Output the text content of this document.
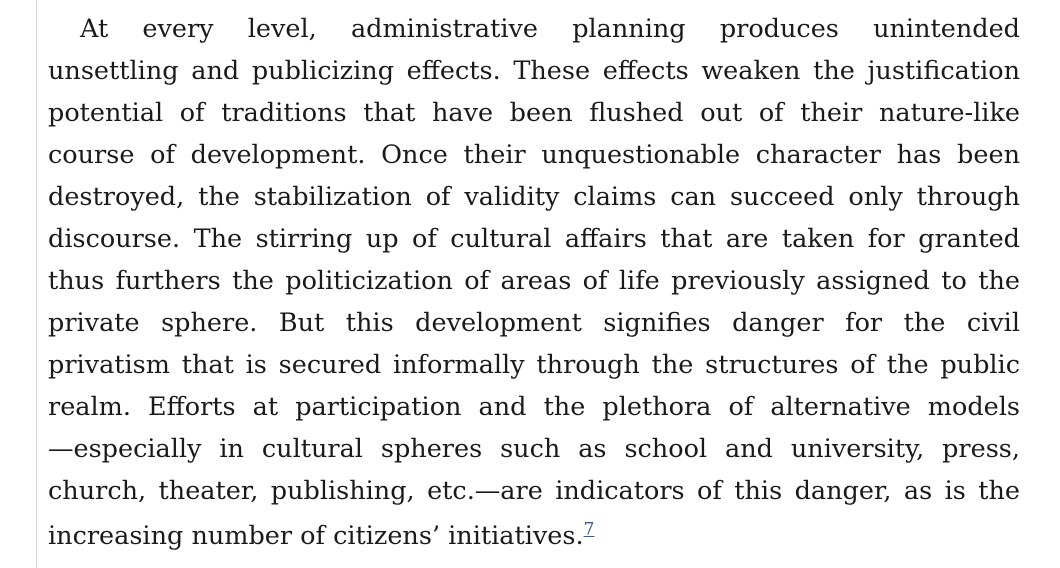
At every level, administrative planning produces unintended
unsettling and publicizing effects. These effects weaken the justification
potential of traditions that have been flushed out of their nature-like
course of development. Once their unquestionable character has been
destroyed, the stabilization of validity claims can succeed only through
discourse. The stirring up of cultural affairs that are taken for granted
thus furthers the politicization of areas of life previously assigned to the
private sphere. But this development signifies danger for the civil
privatism that is secured informally through the structures of the public
realm. Efforts at participation and the plethora of alternative models
—especially in cultural spheres such as school and university, press,
church, theater, publishing, etc.—are indicators of this danger, as is the
increasing number of citizens’ initiatives.$^7$
